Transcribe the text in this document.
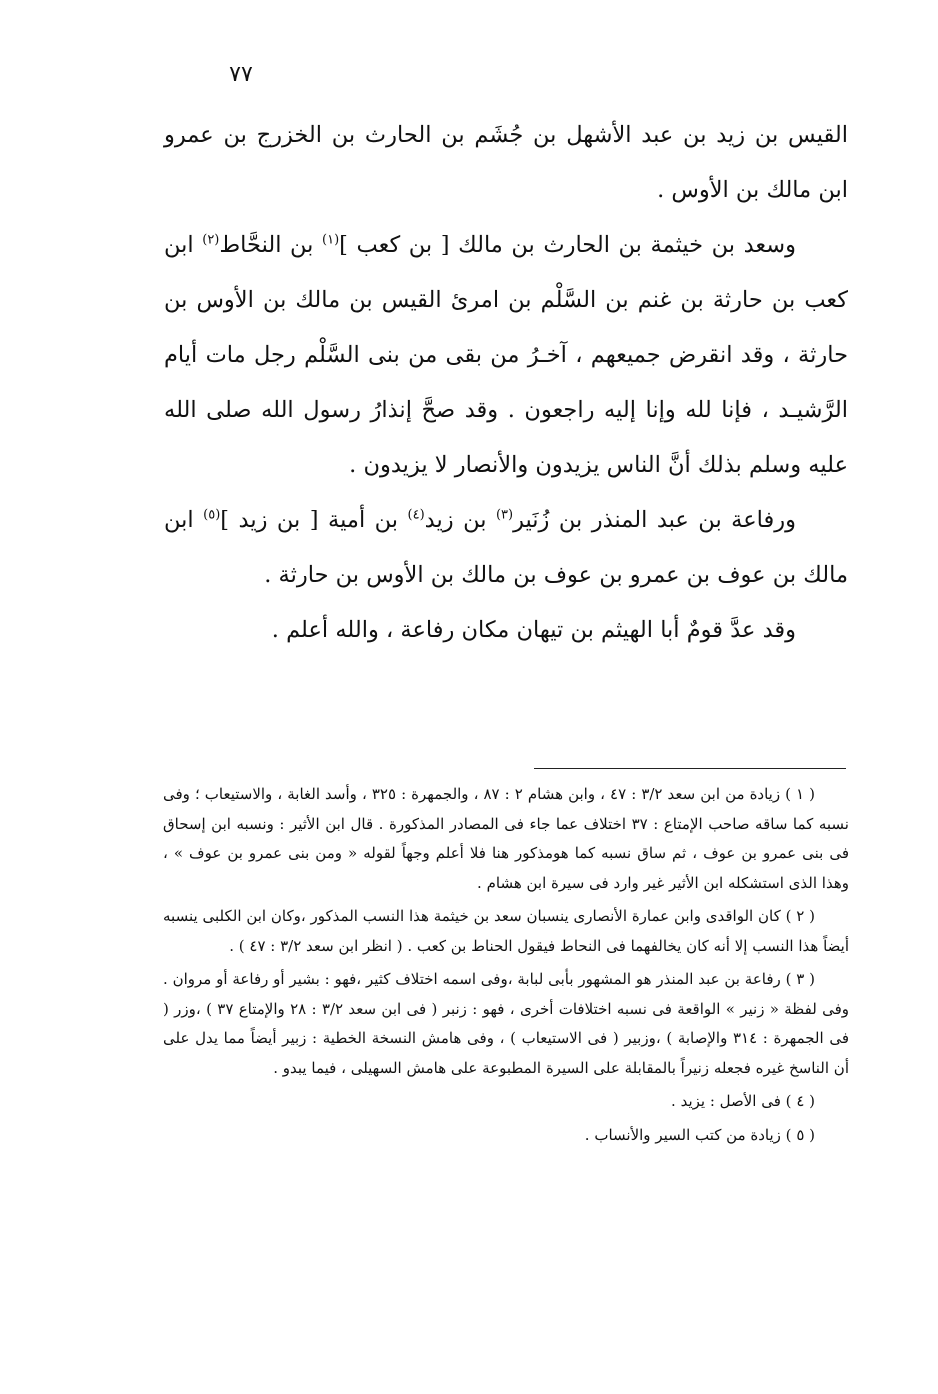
٧٧

القيس بن زيد بن عبد الأشهل بن جُشَم بن الحارث بن الخزرج بن عمرو ابن مالك بن الأوس .

وسعد بن خيثمة بن الحارث بن مالك [ بن كعب ]$^{(١)}$ بن النحَّاط$^{(٢)}$ ابن كعب بن حارثة بن غنم بن السَّلْم بن امرئ القيس بن مالك بن الأوس بن حارثة ، وقد انقرض جميعهم ، آخـرُ من بقى من بنى السَّلْم رجل مات أيام الرَّشيـد ، فإنا لله وإنا إليه راجعون . وقد صحَّ إنذارُ رسول الله صلى الله عليه وسلم بذلك أنَّ الناس يزيدون والأنصار لا يزيدون .

ورفاعة بن عبد المنذر بن زُنَير$^{(٣)}$ بن زيد$^{(٤)}$ بن أمية [ بن زيد ]$^{(٥)}$ ابن مالك بن عوف بن عمرو بن عوف بن مالك بن الأوس بن حارثة .

وقد عدَّ قومٌ أبا الهيثم بن تيهان مكان رفاعة ، والله أعلم .

( ١ ) زيادة من ابن سعد ٣/٢ : ٤٧ ، وابن هشام ٢ : ٨٧ ، والجمهرة : ٣٢٥ ، وأسد الغابة ، والاستيعاب ؛ وفى نسبه كما ساقه صاحب الإمتاع : ٣٧ اختلاف عما جاء فى المصادر المذكورة . قال ابن الأثير : ونسبه ابن إسحاق فى بنى عمرو بن عوف ، ثم ساق نسبه كما هومذكور هنا فلا أعلم وجهاً لقوله « ومن بنى عمرو بن عوف » ، وهذا الذى استشكله ابن الأثير غير وارد فى سيرة ابن هشام .

( ٢ ) كان الواقدى وابن عمارة الأنصارى ينسبان سعد بن خيثمة هذا النسب المذكور ،وكان ابن الكلبى ينسبه أيضاً هذا النسب إلا أنه كان يخالفهما فى النحاط فيقول الحناط بن كعب . ( انظر ابن سعد ٣/٢ : ٤٧ ) .

( ٣ ) رفاعة بن عبد المنذر هو المشهور بأبى لبابة ،وفى اسمه اختلاف كثير ،فهو : بشير أو رفاعة أو مروان . وفى لفظة « زنير » الواقعة فى نسبه اختلافات أخرى ، فهو : زنبر ( فى ابن سعد ٣/٢ : ٢٨ والإمتاع ٣٧ ) ،وزر ( فى الجمهرة : ٣١٤ والإصابة ) ،وزبير ( فى الاستيعاب ) ، وفى هامش النسخة الخطية : زبير أيضاً مما يدل على أن الناسخ غيره فجعله زنيراً بالمقابلة على السيرة المطبوعة على هامش السهيلى ، فيما يبدو .

( ٤ ) فى الأصل : يزيد .

( ٥ ) زيادة من كتب السير والأنساب .
